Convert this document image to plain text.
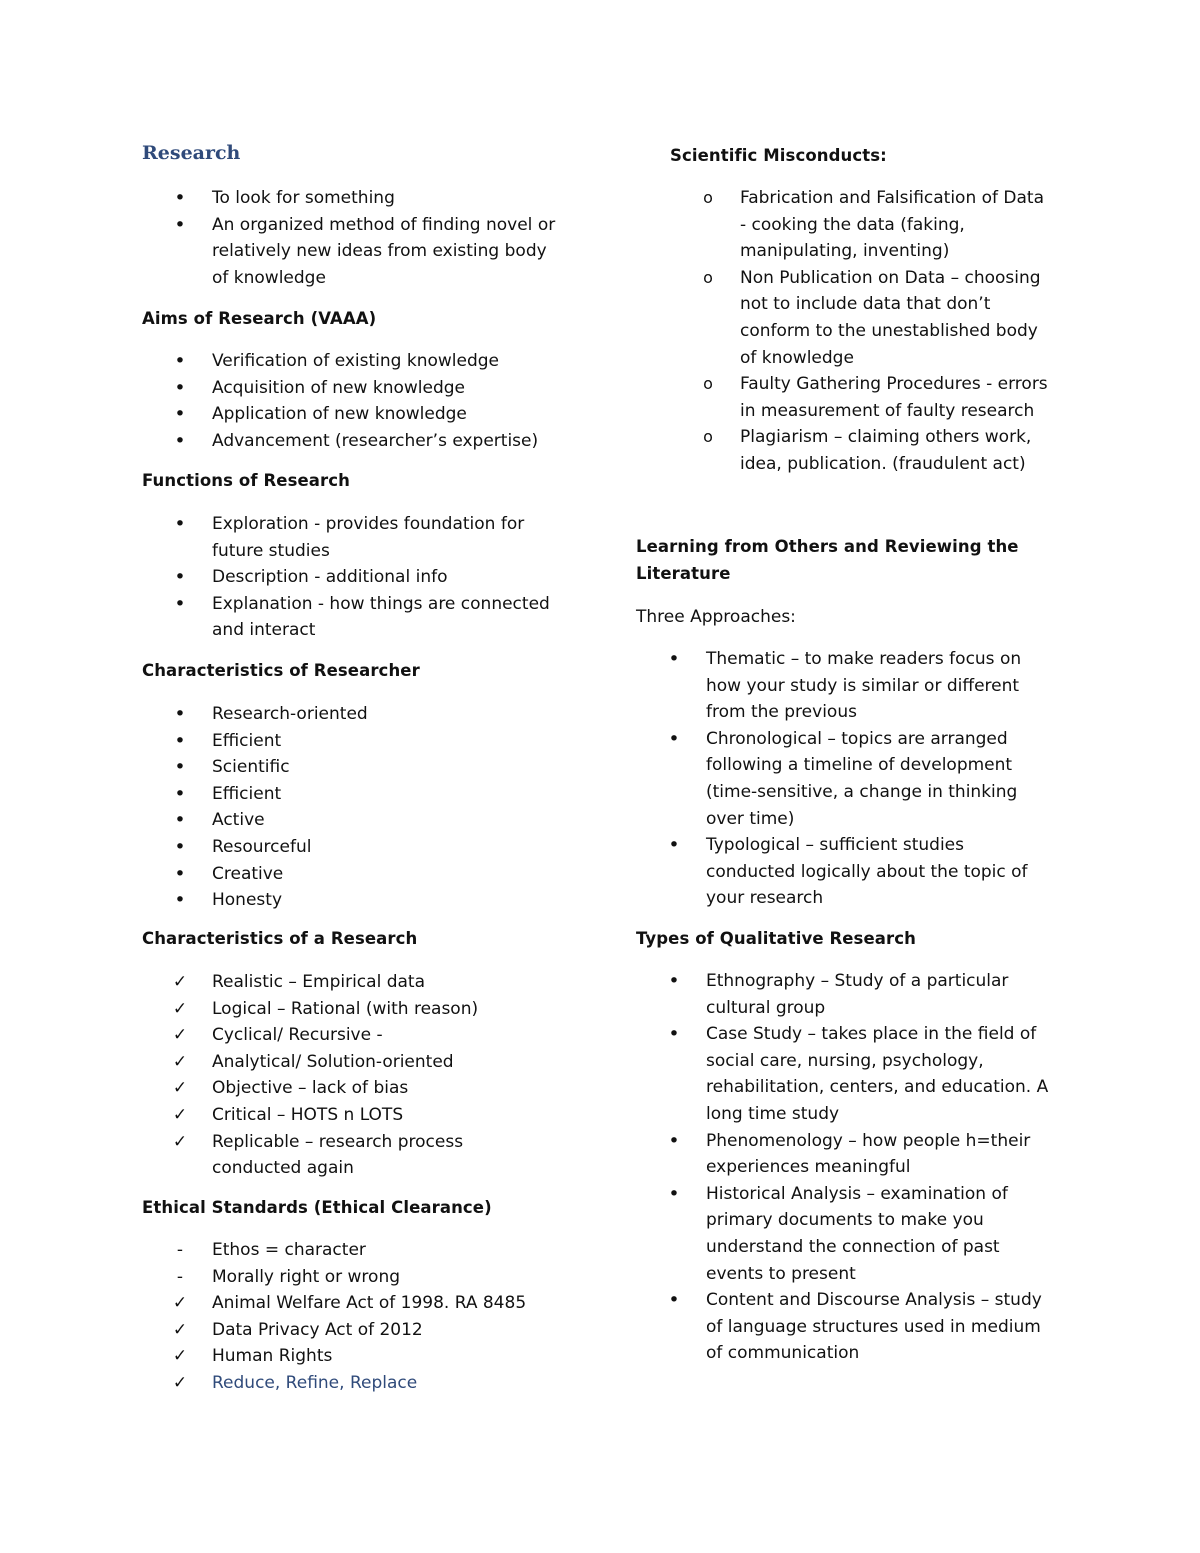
Research
• To look for something
• An organized method of finding novel or
relatively new ideas from existing body
of knowledge
Aims of Research (VAAA)
• Verification of existing knowledge
• Acquisition of new knowledge
• Application of new knowledge
• Advancement (researcher’s expertise)
Functions of Research
• Exploration - provides foundation for
future studies
• Description - additional info
• Explanation - how things are connected
and interact
Characteristics of Researcher
• Research-oriented
• Efficient
• Scientific
• Efficient
• Active
• Resourceful
• Creative
• Honesty
Characteristics of a Research
✓ Realistic – Empirical data
✓ Logical – Rational (with reason)
✓ Cyclical/ Recursive -
✓ Analytical/ Solution-oriented
✓ Objective – lack of bias
✓ Critical – HOTS n LOTS
✓ Replicable – research process
conducted again
Ethical Standards (Ethical Clearance)
-	Ethos = character
-	Morally right or wrong
✓ Animal Welfare Act of 1998. RA 8485
✓ Data Privacy Act of 2012
✓ Human Rights
✓ Reduce, Refine, Replace
Scientific Misconducts:
o	Fabrication and Falsification of Data
- cooking the data (faking,
manipulating, inventing)
o	Non Publication on Data – choosing
not to include data that don’t
conform to the unestablished body
of knowledge
o	Faulty Gathering Procedures - errors
in measurement of faulty research
o	Plagiarism – claiming others work,
idea, publication. (fraudulent act)
Learning from Others and Reviewing the
Literature

Three Approaches:

• Thematic – to make readers focus on
how your study is similar or different
from the previous
• Chronological – topics are arranged
following a timeline of development
(time-sensitive, a change in thinking
over time)
• Typological – sufficient studies
conducted logically about the topic of
your research
Types of Qualitative Research
• Ethnography – Study of a particular
cultural group
• Case Study – takes place in the field of
social care, nursing, psychology,
rehabilitation, centers, and education. A
long time study
• Phenomenology – how people h=their
experiences meaningful
• Historical Analysis – examination of
primary documents to make you
understand the connection of past
events to present
• Content and Discourse Analysis – study
of language structures used in medium
of communication
